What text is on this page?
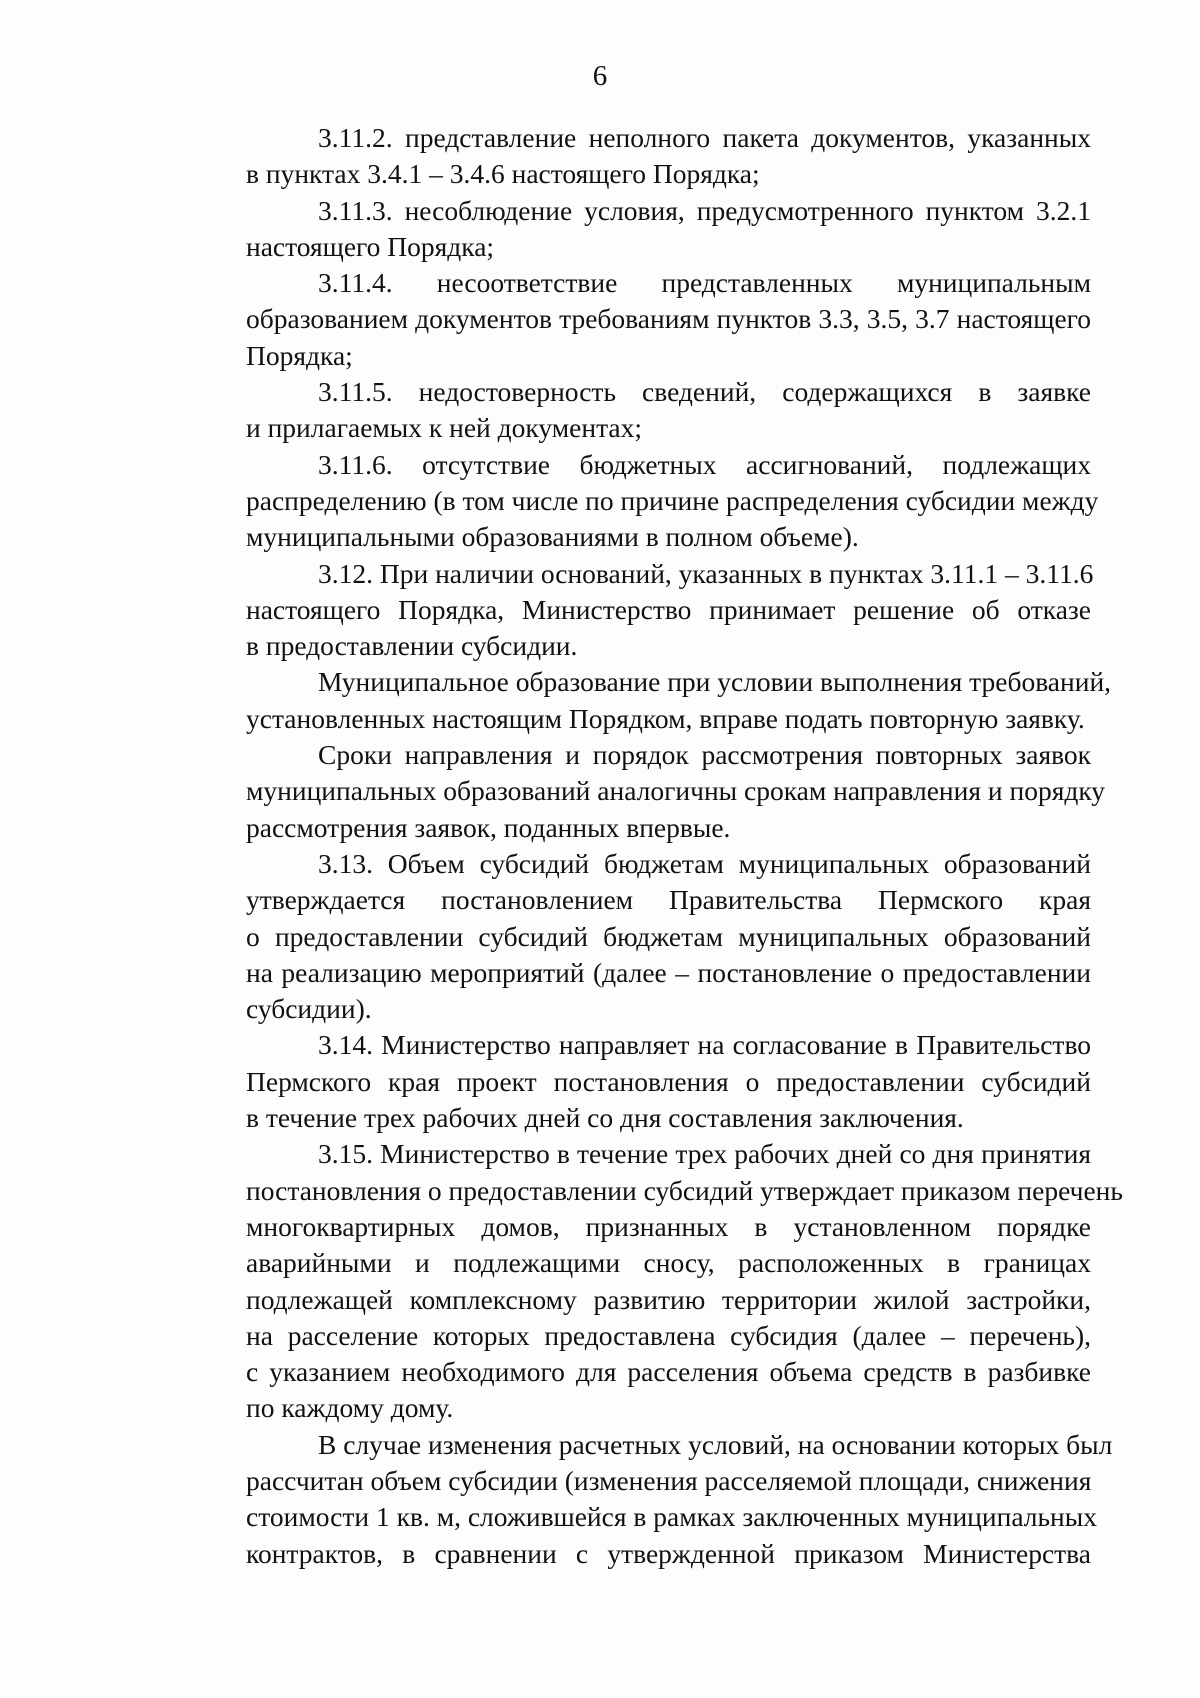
6
3.11.2. представление неполного пакета документов, указанных
в пунктах 3.4.1 – 3.4.6 настоящего Порядка;
3.11.3. несоблюдение условия, предусмотренного пунктом 3.2.1
настоящего Порядка;
3.11.4. несоответствие представленных муниципальным
образованием документов требованиям пунктов 3.3, 3.5, 3.7 настоящего
Порядка;
3.11.5. недостоверность сведений, содержащихся в заявке
и прилагаемых к ней документах;
3.11.6. отсутствие бюджетных ассигнований, подлежащих
распределению (в том числе по причине распределения субсидии между
муниципальными образованиями в полном объеме).
3.12. При наличии оснований, указанных в пунктах 3.11.1 – 3.11.6
настоящего Порядка, Министерство принимает решение об отказе
в предоставлении субсидии.
Муниципальное образование при условии выполнения требований,
установленных настоящим Порядком, вправе подать повторную заявку.
Сроки направления и порядок рассмотрения повторных заявок
муниципальных образований аналогичны срокам направления и порядку
рассмотрения заявок, поданных впервые.
3.13. Объем субсидий бюджетам муниципальных образований
утверждается постановлением Правительства Пермского края
о предоставлении субсидий бюджетам муниципальных образований
на реализацию мероприятий (далее – постановление о предоставлении
субсидии).
3.14. Министерство направляет на согласование в Правительство
Пермского края проект постановления о предоставлении субсидий
в течение трех рабочих дней со дня составления заключения.
3.15. Министерство в течение трех рабочих дней со дня принятия
постановления о предоставлении субсидий утверждает приказом перечень
многоквартирных домов, признанных в установленном порядке
аварийными и подлежащими сносу, расположенных в границах
подлежащей комплексному развитию территории жилой застройки,
на расселение которых предоставлена субсидия (далее – перечень),
с указанием необходимого для расселения объема средств в разбивке
по каждому дому.
В случае изменения расчетных условий, на основании которых был
рассчитан объем субсидии (изменения расселяемой площади, снижения
стоимости 1 кв. м, сложившейся в рамках заключенных муниципальных
контрактов, в сравнении с утвержденной приказом Министерства
